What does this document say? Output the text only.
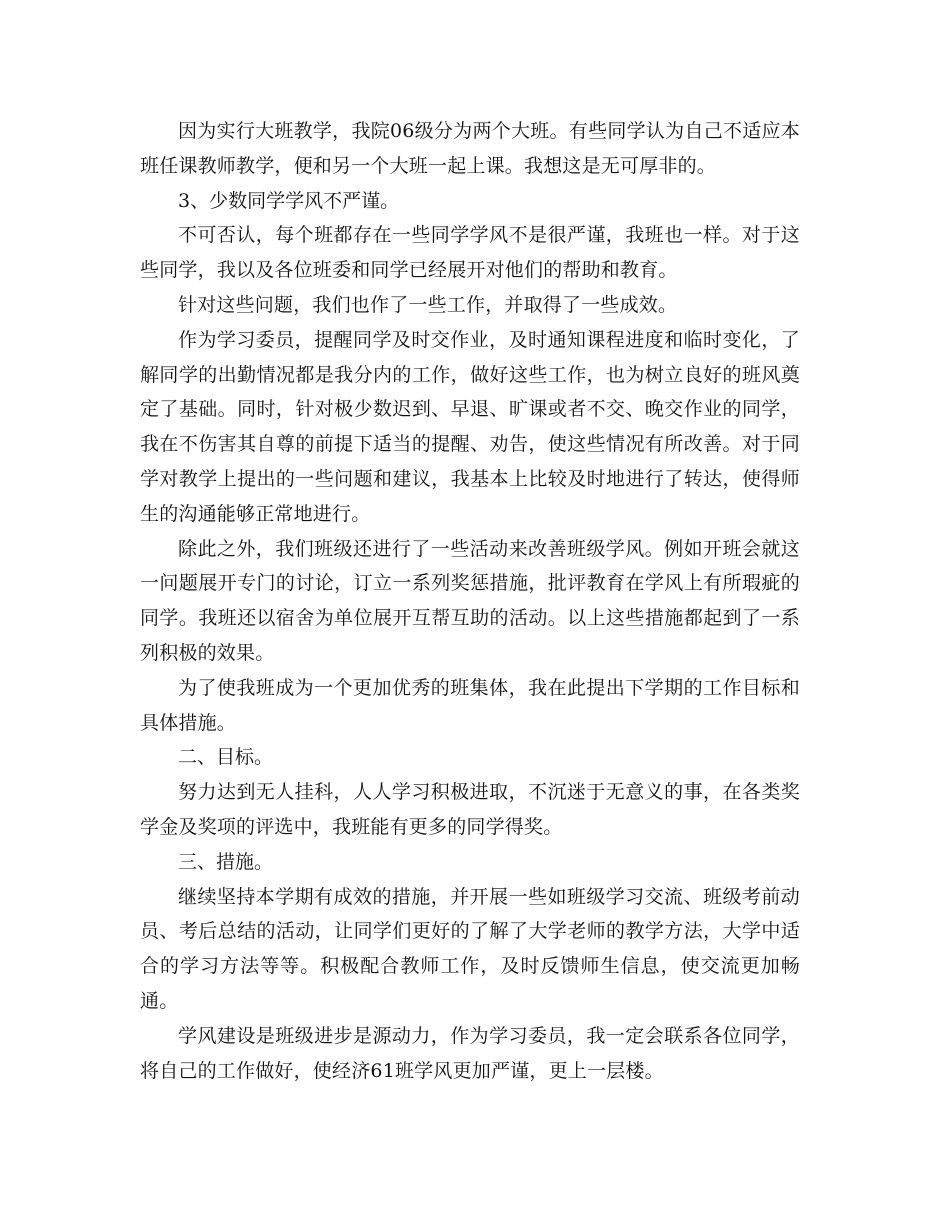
因为实行大班教学，我院06级分为两个大班。有些同学认为自己不适应本班任课教师教学，便和另一个大班一起上课。我想这是无可厚非的。

3、少数同学学风不严谨。

不可否认，每个班都存在一些同学学风不是很严谨，我班也一样。对于这些同学，我以及各位班委和同学已经展开对他们的帮助和教育。

针对这些问题，我们也作了一些工作，并取得了一些成效。

作为学习委员，提醒同学及时交作业，及时通知课程进度和临时变化，了解同学的出勤情况都是我分内的工作，做好这些工作，也为树立良好的班风奠定了基础。同时，针对极少数迟到、早退、旷课或者不交、晚交作业的同学，我在不伤害其自尊的前提下适当的提醒、劝告，使这些情况有所改善。对于同学对教学上提出的一些问题和建议，我基本上比较及时地进行了转达，使得师生的沟通能够正常地进行。

除此之外，我们班级还进行了一些活动来改善班级学风。例如开班会就这一问题展开专门的讨论，订立一系列奖惩措施，批评教育在学风上有所瑕疵的同学。我班还以宿舍为单位展开互帮互助的活动。以上这些措施都起到了一系列积极的效果。

为了使我班成为一个更加优秀的班集体，我在此提出下学期的工作目标和具体措施。

二、目标。

努力达到无人挂科，人人学习积极进取，不沉迷于无意义的事，在各类奖学金及奖项的评选中，我班能有更多的同学得奖。

三、措施。

继续坚持本学期有成效的措施，并开展一些如班级学习交流、班级考前动员、考后总结的活动，让同学们更好的了解了大学老师的教学方法，大学中适合的学习方法等等。积极配合教师工作，及时反馈师生信息，使交流更加畅通。

学风建设是班级进步是源动力，作为学习委员，我一定会联系各位同学，将自己的工作做好，使经济61班学风更加严谨，更上一层楼。
